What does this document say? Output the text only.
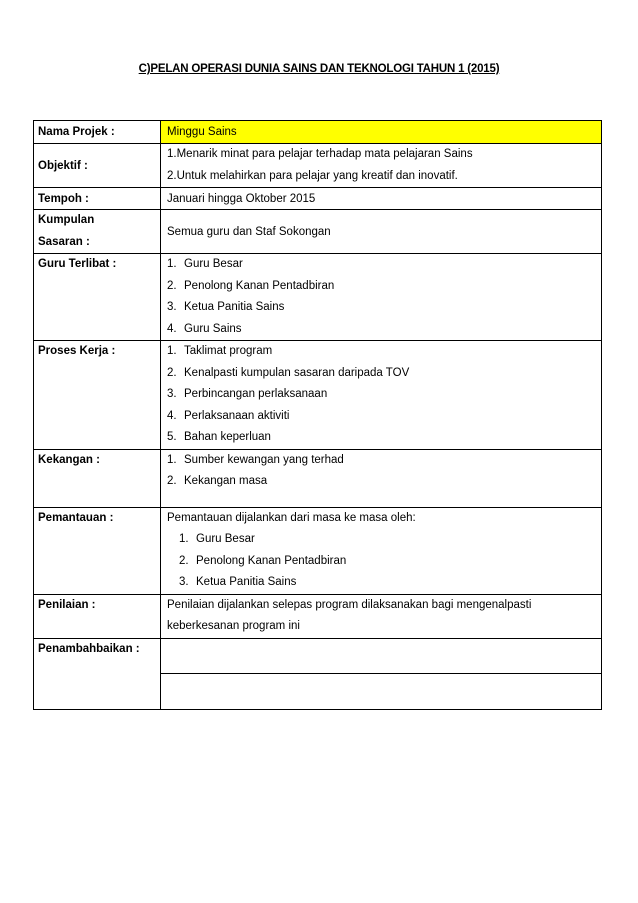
C)PELAN OPERASI DUNIA SAINS DAN TEKNOLOGI TAHUN 1 (2015)
Nama Projek :	Minggu Sains
Objektif :	1.Menarik minat para pelajar terhadap mata pelajaran Sains
2.Untuk melahirkan para pelajar yang kreatif dan inovatif.

Tempoh :	Januari hingga Oktober 2015

Kumpulan
Sasaran :	Semua guru dan Staf Sokongan

Guru Terlibat :	1. Guru Besar
2. Penolong Kanan Pentadbiran
3. Ketua Panitia Sains
4. Guru Sains

Proses Kerja :	1. Taklimat program
2. Kenalpasti kumpulan sasaran daripada TOV
3. Perbincangan perlaksanaan
4. Perlaksanaan aktiviti
5. Bahan keperluan

Kekangan :	1. Sumber kewangan yang terhad
2. Kekangan masa

Pemantauan :	Pemantauan dijalankan dari masa ke masa oleh:
1. Guru Besar
2. Penolong Kanan Pentadbiran
3. Ketua Panitia Sains

Penilaian :	Penilaian dijalankan selepas program dilaksanakan bagi mengenalpasti
keberkesanan program ini

Penambahbaikan :	
